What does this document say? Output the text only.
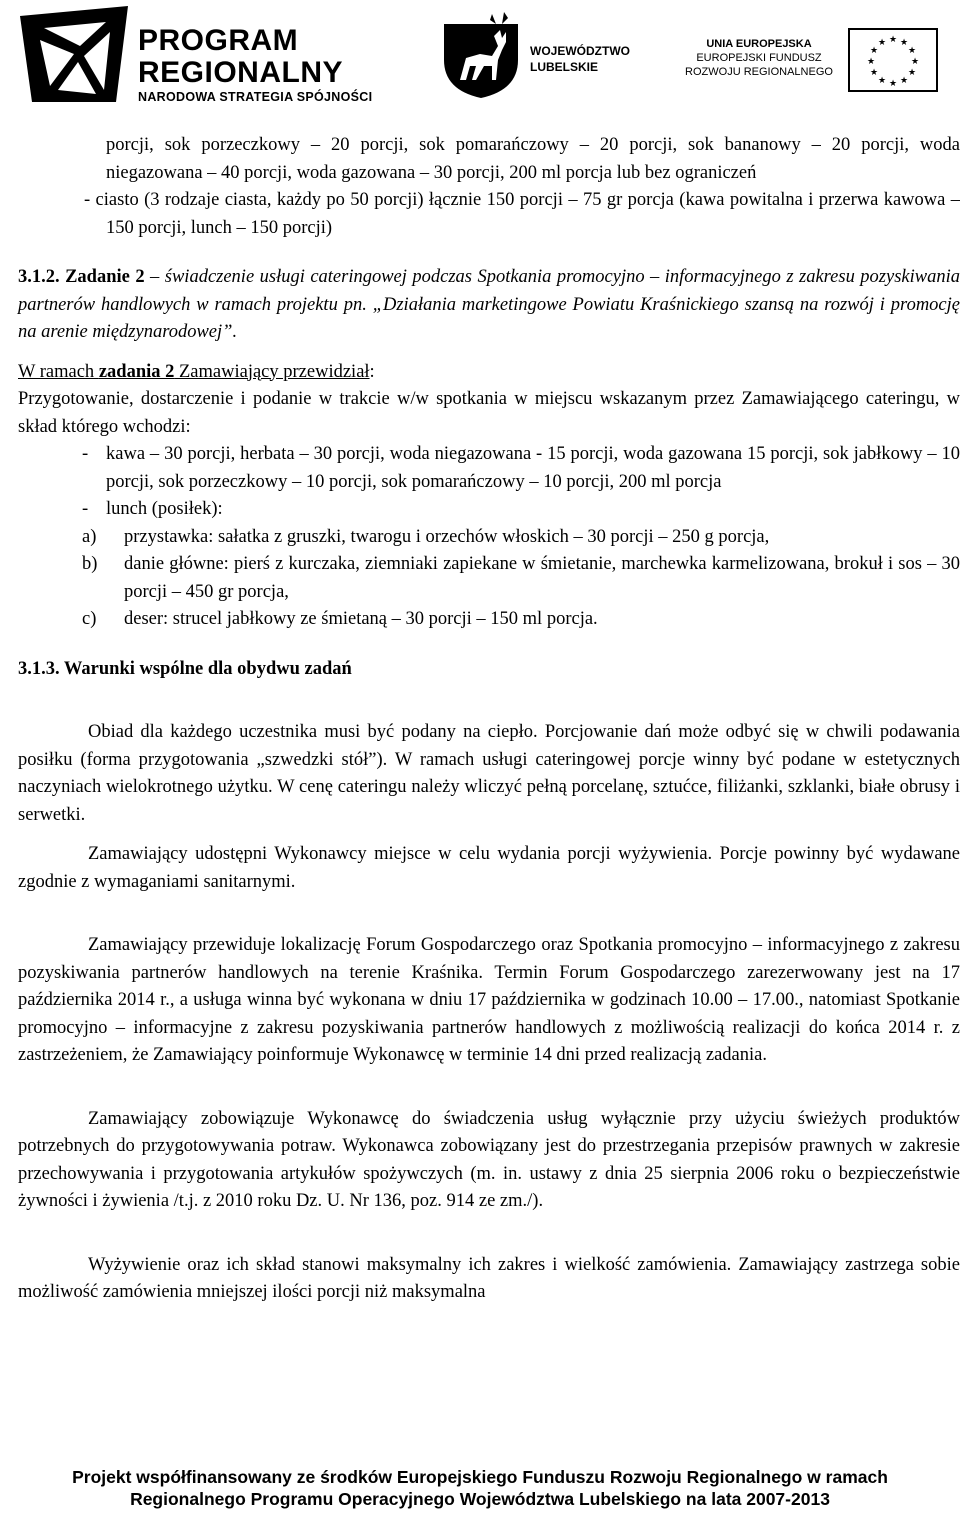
PROGRAM
REGIONALNY
NARODOWA STRATEGIA SPÓJNOŚCI
WOJEWÓDZTWO
LUBELSKIE
UNIA EUROPEJSKA
EUROPEJSKI FUNDUSZ
ROZWOJU REGIONALNEGO
★ ★
★
★
★
★
★
★
★
★
★
★

porcji, sok porzeczkowy – 20 porcji, sok pomarańczowy – 20 porcji, sok bananowy – 20 porcji, woda niegazowana – 40 porcji, woda gazowana – 30 porcji, 200 ml porcja lub bez ograniczeń

- ciasto (3 rodzaje ciasta, każdy po 50 porcji) łącznie 150 porcji – 75 gr porcja (kawa powitalna i przerwa kawowa – 150 porcji, lunch – 150 porcji)

3.1.2. Zadanie 2 – świadczenie usługi cateringowej podczas Spotkania promocyjno – informacyjnego z zakresu pozyskiwania partnerów handlowych w ramach projektu pn. „Działania marketingowe Powiatu Kraśnickiego szansą na rozwój i promocję na arenie międzynarodowej”.

W ramach zadania 2 Zamawiający przewidział:

Przygotowanie, dostarczenie i podanie w trakcie w/w spotkania w miejscu wskazanym przez Zamawiającego cateringu, w skład którego wchodzi:

- kawa – 30 porcji, herbata – 30 porcji, woda niegazowana - 15 porcji, woda gazowana 15 porcji, sok jabłkowy – 10 porcji, sok porzeczkowy – 10 porcji, sok pomarańczowy – 10 porcji, 200 ml porcja
- lunch (posiłek):
a) przystawka: sałatka z gruszki, twarogu i orzechów włoskich – 30 porcji – 250 g porcja,
b) danie główne: pierś z kurczaka, ziemniaki zapiekane w śmietanie, marchewka karmelizowana, brokuł i sos – 30 porcji – 450 gr porcja,
c) deser: strucel jabłkowy ze śmietaną – 30 porcji – 150 ml porcja.

3.1.3. Warunki wspólne dla obydwu zadań

Obiad dla każdego uczestnika musi być podany na ciepło. Porcjowanie dań może odbyć się w chwili podawania posiłku (forma przygotowania „szwedzki stół”). W ramach usługi cateringowej porcje winny być podane w estetycznych naczyniach wielokrotnego użytku. W cenę cateringu należy wliczyć pełną porcelanę, sztućce, filiżanki, szklanki, białe obrusy i serwetki.

Zamawiający udostępni Wykonawcy miejsce w celu wydania porcji wyżywienia. Porcje powinny być wydawane zgodnie z wymaganiami sanitarnymi.

Zamawiający przewiduje lokalizację Forum Gospodarczego oraz Spotkania promocyjno – informacyjnego z zakresu pozyskiwania partnerów handlowych na terenie Kraśnika. Termin Forum Gospodarczego zarezerwowany jest na 17 października 2014 r., a usługa winna być wykonana w dniu 17 października w godzinach 10.00 – 17.00., natomiast Spotkanie promocyjno – informacyjne z zakresu pozyskiwania partnerów handlowych z możliwością realizacji do końca 2014 r. z zastrzeżeniem, że Zamawiający poinformuje Wykonawcę w terminie 14 dni przed realizacją zadania.

Zamawiający zobowiązuje Wykonawcę do świadczenia usług wyłącznie przy użyciu świeżych produktów potrzebnych do przygotowywania potraw. Wykonawca zobowiązany jest do przestrzegania przepisów prawnych w zakresie przechowywania i przygotowania artykułów spożywczych (m. in. ustawy z dnia 25 sierpnia 2006 roku o bezpieczeństwie żywności i żywienia /t.j. z 2010 roku Dz. U. Nr 136, poz. 914 ze zm./).

Wyżywienie oraz ich skład stanowi maksymalny ich zakres i wielkość zamówienia. Zamawiający zastrzega sobie możliwość zamówienia mniejszej ilości porcji niż maksymalna

Projekt współfinansowany ze środków Europejskiego Funduszu Rozwoju Regionalnego w ramach
Regionalnego Programu Operacyjnego Województwa Lubelskiego na lata 2007-2013
